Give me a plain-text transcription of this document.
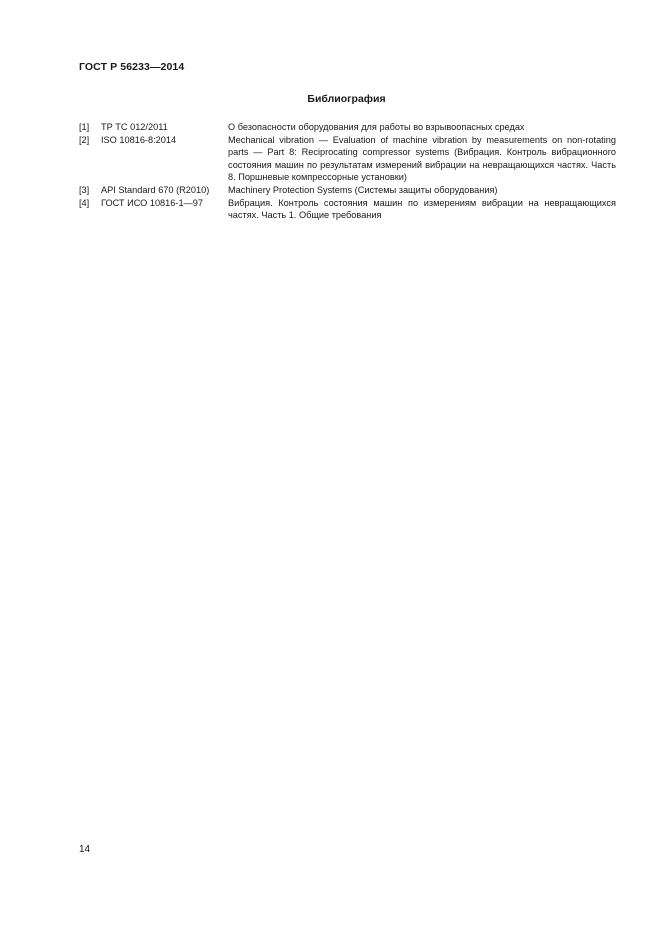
ГОСТ Р 56233—2014
Библиография
[1]	ТР ТС 012/2011	О безопасности оборудования для работы во взрывоопасных средах
[2]	ISO 10816-8:2014	Mechanical vibration — Evaluation of machine vibration by measurements on non-rotating parts — Part 8: Reciprocating compressor systems (Вибрация. Контроль вибрационного состояния машин по результатам измерений вибрации на невращающихся частях. Часть 8. Поршневые компрессорные установки)
[3]	API Standard 670 (R2010)	Machinery Protection Systems (Системы защиты оборудования)
[4]	ГОСТ ИСО 10816-1—97	Вибрация. Контроль состояния машин по измерениям вибрации на невращающихся частях. Часть 1. Общие требования
14
